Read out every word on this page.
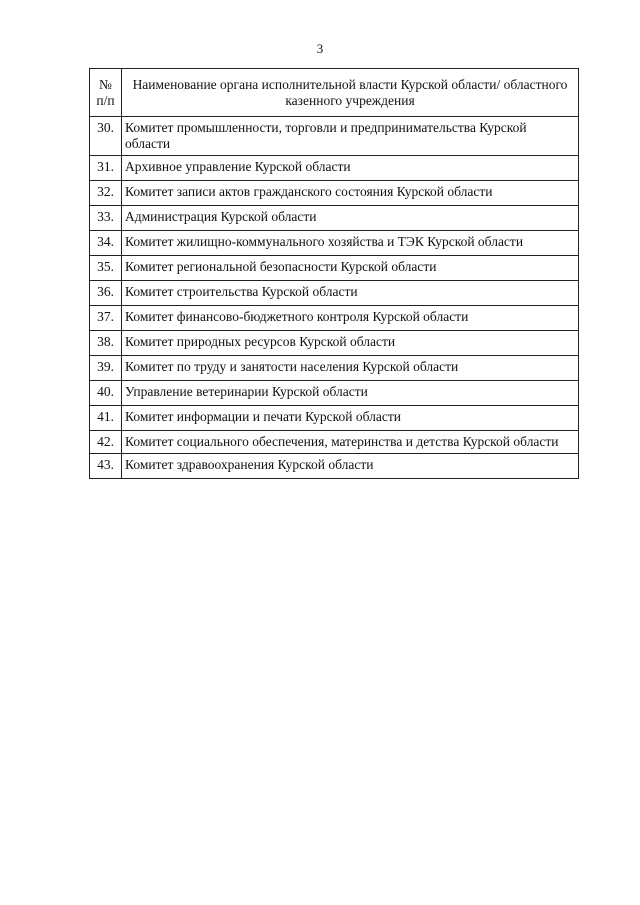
3
№ п/п	Наименование органа исполнительной власти Курской области/ областного казенного учреждения
30.	Комитет промышленности, торговли и предпринимательства Курской области
31.	Архивное управление Курской области
32.	Комитет записи актов гражданского состояния Курской области
33.	Администрация Курской области
34.	Комитет жилищно-коммунального хозяйства и ТЭК Курской области
35.	Комитет региональной безопасности Курской области
36.	Комитет строительства Курской области
37.	Комитет финансово-бюджетного контроля Курской области
38.	Комитет природных ресурсов Курской области
39.	Комитет по труду и занятости населения Курской области
40.	Управление ветеринарии Курской области
41.	Комитет информации и печати Курской области
42.	Комитет социального обеспечения, материнства и детства Курской области
43.	Комитет здравоохранения Курской области
